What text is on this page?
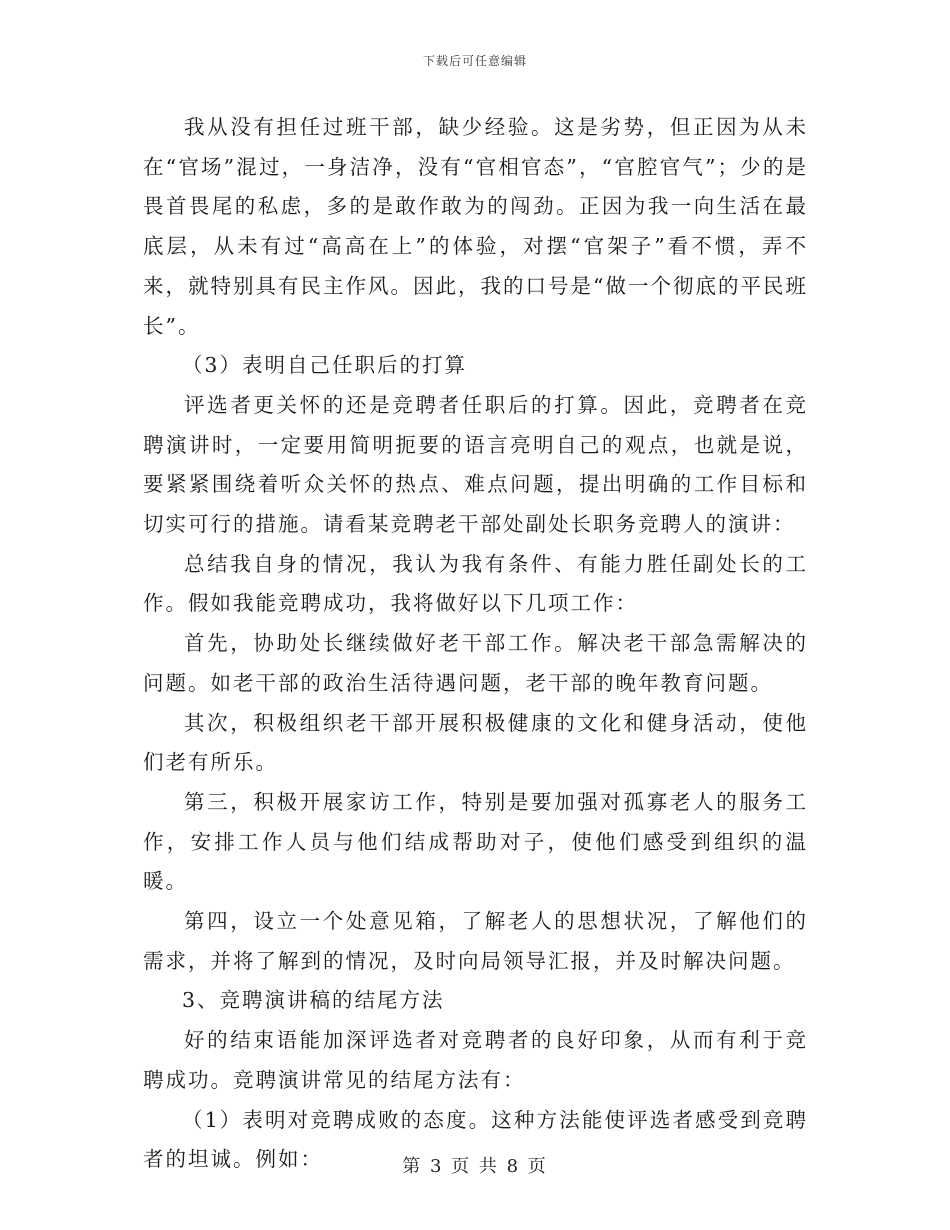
下载后可任意编辑

我从没有担任过班干部，缺少经验。这是劣势，但正因为从未在“官场”混过，一身洁净，没有“官相官态”，“官腔官气”；少的是畏首畏尾的私虑，多的是敢作敢为的闯劲。正因为我一向生活在最底层，从未有过“高高在上”的体验，对摆“官架子”看不惯，弄不来，就特别具有民主作风。因此，我的口号是“做一个彻底的平民班长”。

（3）表明自己任职后的打算

评选者更关怀的还是竞聘者任职后的打算。因此，竞聘者在竞聘演讲时，一定要用简明扼要的语言亮明自己的观点，也就是说，要紧紧围绕着听众关怀的热点、难点问题，提出明确的工作目标和切实可行的措施。请看某竞聘老干部处副处长职务竞聘人的演讲：

总结我自身的情况，我认为我有条件、有能力胜任副处长的工作。假如我能竞聘成功，我将做好以下几项工作：

首先，协助处长继续做好老干部工作。解决老干部急需解决的问题。如老干部的政治生活待遇问题，老干部的晚年教育问题。

其次，积极组织老干部开展积极健康的文化和健身活动，使他们老有所乐。

第三，积极开展家访工作，特别是要加强对孤寡老人的服务工作，安排工作人员与他们结成帮助对子，使他们感受到组织的温暖。

第四，设立一个处意见箱，了解老人的思想状况，了解他们的需求，并将了解到的情况，及时向局领导汇报，并及时解决问题。

3、竞聘演讲稿的结尾方法

好的结束语能加深评选者对竞聘者的良好印象，从而有利于竞聘成功。竞聘演讲常见的结尾方法有：

（1）表明对竞聘成败的态度。这种方法能使评选者感受到竞聘者的坦诚。例如：	第 3 页 共 8 页
